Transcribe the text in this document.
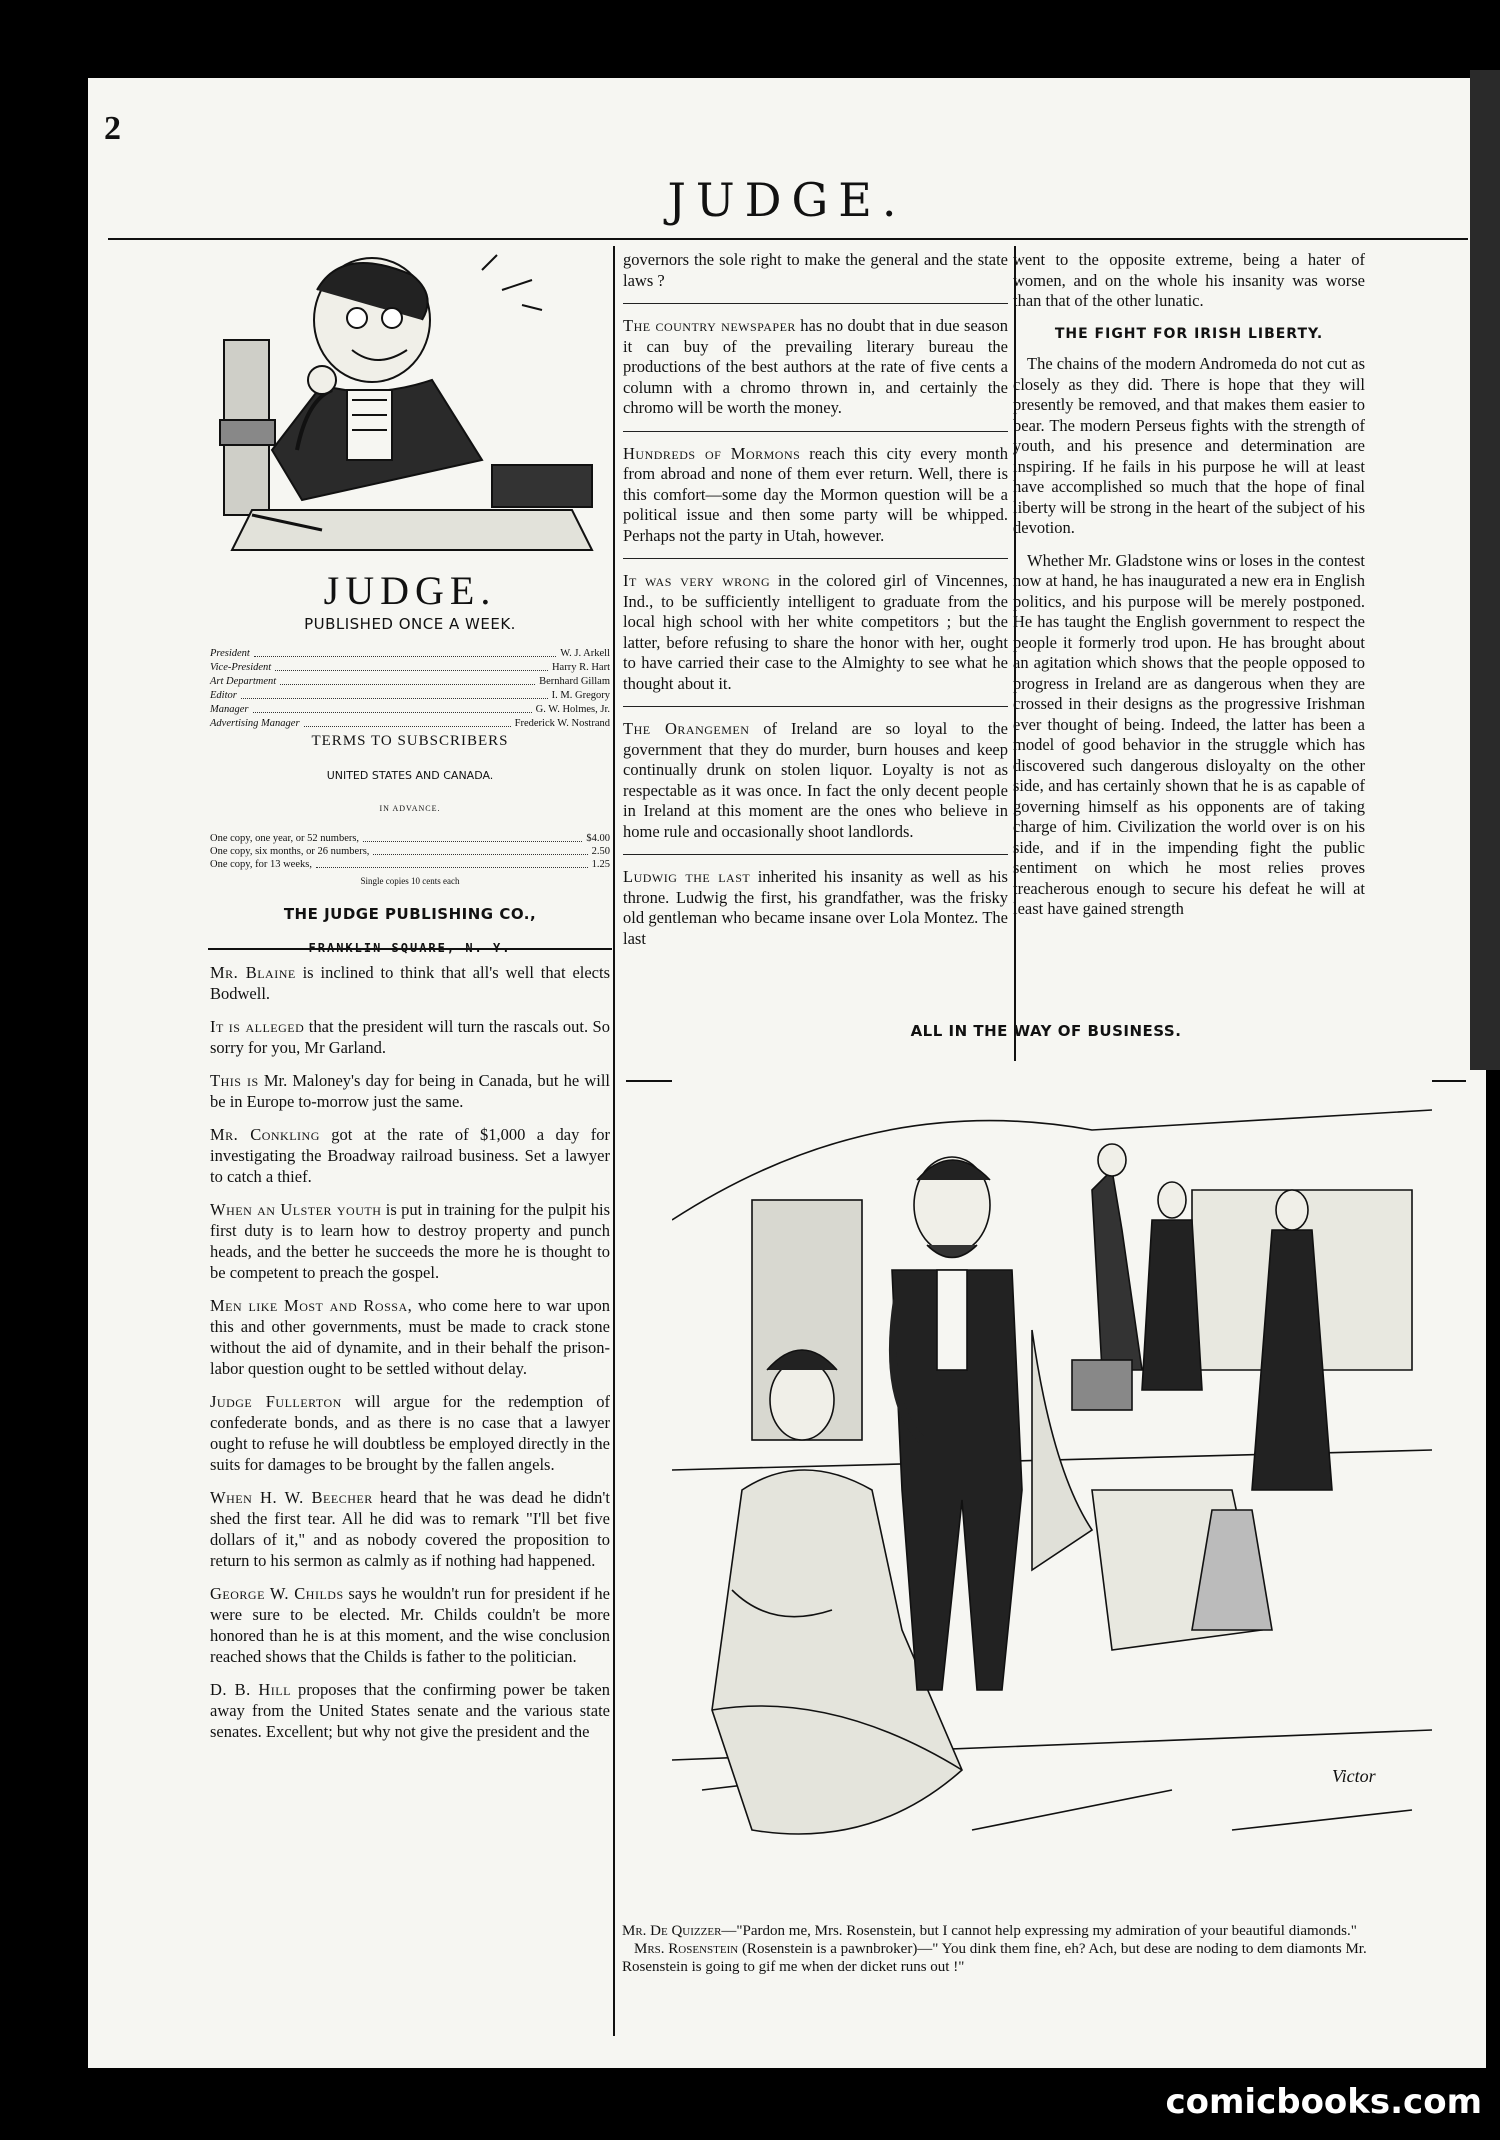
JUDGE.
2

JUDGE.

PUBLISHED ONCE A WEEK.

President	W. J. Arkell
Vice-President	Harry R. Hart
Art Department	Bernhard Gillam
Editor	I. M. Gregory
Manager	G. W. Holmes, Jr.
Advertising Manager	Frederick W. Nostrand

TERMS TO SUBSCRIBERS

UNITED STATES AND CANADA.

IN ADVANCE.

One copy, one year, or 52 numbers,	$4.00
One copy, six months, or 26 numbers,	2.50
One copy, for 13 weeks,	1.25

Single copies 10 cents each

THE JUDGE PUBLISHING CO.,

Mr. Blaine is inclined to think that all's well that elects Bodwell.

It is alleged that the president will turn the rascals out. So sorry for you, Mr Garland.

This is Mr. Maloney's day for being in Canada, but he will be in Europe to-morrow just the same.

Mr. Conkling got at the rate of $1,000 a day for investigating the Broadway railroad business. Set a lawyer to catch a thief.

When an Ulster youth is put in training for the pulpit his first duty is to learn how to destroy property and punch heads, and the better he succeeds the more he is thought to be competent to preach the gospel.

Men like Most and Rossa, who come here to war upon this and other governments, must be made to crack stone without the aid of dynamite, and in their behalf the prison-labor question ought to be settled without delay.

Judge Fullerton will argue for the redemption of confederate bonds, and as there is no case that a lawyer ought to refuse he will doubtless be employed directly in the suits for damages to be brought by the fallen angels.

When H. W. Beecher heard that he was dead he didn't shed the first tear. All he did was to remark "I'll bet five dollars of it," and as nobody covered the proposition to return to his sermon as calmly as if nothing had happened.

George W. Childs says he wouldn't run for president if he were sure to be elected. Mr. Childs couldn't be more honored than he is at this moment, and the wise conclusion reached shows that the Childs is father to the politician.

D. B. Hill proposes that the confirming power be taken away from the United States senate and the various state senates. Excellent; but why not give the president and the

governors the sole right to make the general and the state laws ?

The country newspaper has no doubt that in due season it can buy of the prevailing literary bureau the productions of the best authors at the rate of five cents a column with a chromo thrown in, and certainly the chromo will be worth the money.

Hundreds of Mormons reach this city every month from abroad and none of them ever return. Well, there is this comfort—some day the Mormon question will be a political issue and then some party will be whipped. Perhaps not the party in Utah, however.

It was very wrong in the colored girl of Vincennes, Ind., to be sufficiently intelligent to graduate from the local high school with her white competitors ; but the latter, before refusing to share the honor with her, ought to have carried their case to the Almighty to see what he thought about it.

The Orangemen of Ireland are so loyal to the government that they do murder, burn houses and keep continually drunk on stolen liquor. Loyalty is not as respectable as it was once. In fact the only decent people in Ireland at this moment are the ones who believe in home rule and occasionally shoot landlords.

Ludwig the last inherited his insanity as well as his throne. Ludwig the first, his grandfather, was the frisky old gentleman who became insane over Lola Montez. The last

went to the opposite extreme, being a hater of women, and on the whole his insanity was worse than that of the other lunatic.

THE FIGHT FOR IRISH LIBERTY.

The chains of the modern Andromeda do not cut as closely as they did. There is hope that they will presently be removed, and that makes them easier to bear. The modern Perseus fights with the strength of youth, and his presence and determination are inspiring. If he fails in his purpose he will at least have accomplished so much that the hope of final liberty will be strong in the heart of the subject of his devotion.

Whether Mr. Gladstone wins or loses in the contest now at hand, he has inaugurated a new era in English politics, and his purpose will be merely postponed. He has taught the English government to respect the people it formerly trod upon. He has brought about an agitation which shows that the people opposed to progress in Ireland are as dangerous when they are crossed in their designs as the progressive Irishman ever thought of being. Indeed, the latter has been a model of good behavior in the struggle which has discovered such dangerous disloyalty on the other side, and has certainly shown that he is as capable of governing himself as his opponents are of taking charge of him. Civilization the world over is on his side, and if in the impending fight the public sentiment on which he most relies proves treacherous enough to secure his defeat he will at least have gained strength

ALL IN THE WAY OF BUSINESS.
Victor

Mr. De Quizzer—"Pardon me, Mrs. Rosenstein, but I cannot help expressing my admiration of your beautiful diamonds."

Mrs. Rosenstein (Rosenstein is a pawnbroker)—" You dink them fine, eh? Ach, but dese are noding to dem diamonts Mr. Rosenstein is going to gif me when der dicket runs out !"

comicbooks.com
